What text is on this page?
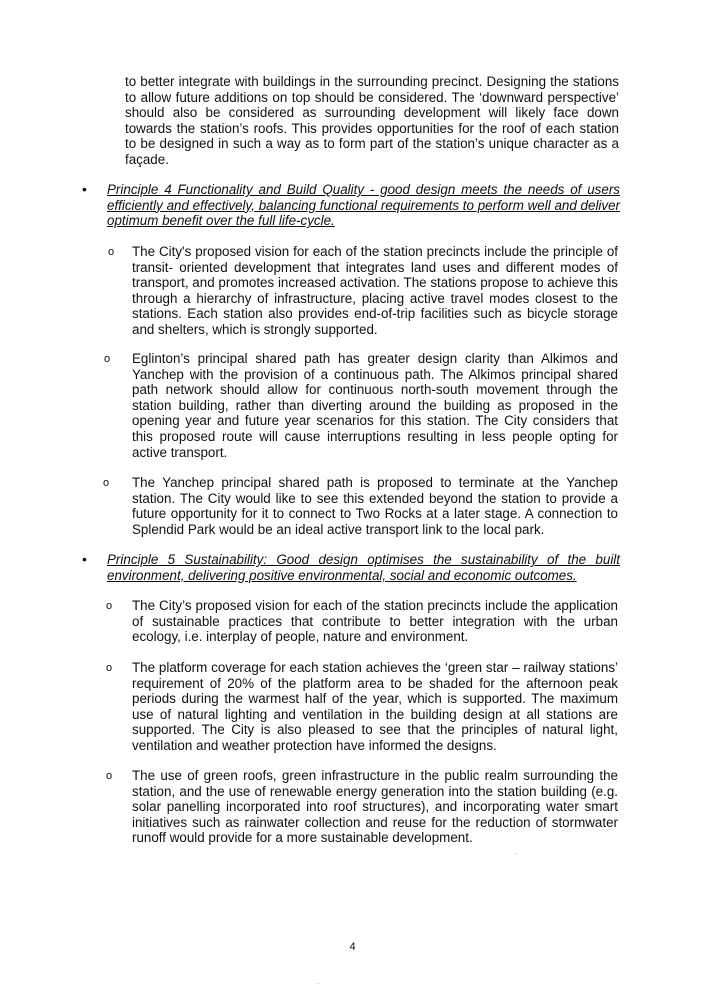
to better integrate with buildings in the surrounding precinct. Designing the stations to allow future additions on top should be considered. The ‘downward perspective’ should also be considered as surrounding development will likely face down towards the station’s roofs. This provides opportunities for the roof of each station to be designed in such a way as to form part of the station’s unique character as a façade.

• Principle 4 Functionality and Build Quality - good design meets the needs of users efficiently and effectively, balancing functional requirements to perform well and deliver optimum benefit over the full life-cycle.

o The City's proposed vision for each of the station precincts include the principle of transit- oriented development that integrates land uses and different modes of transport, and promotes increased activation. The stations propose to achieve this through a hierarchy of infrastructure, placing active travel modes closest to the stations. Each station also provides end-of-trip facilities such as bicycle storage and shelters, which is strongly supported.

o Eglinton’s principal shared path has greater design clarity than Alkimos and Yanchep with the provision of a continuous path. The Alkimos principal shared path network should allow for continuous north-south movement through the station building, rather than diverting around the building as proposed in the opening year and future year scenarios for this station. The City considers that this proposed route will cause interruptions resulting in less people opting for active transport.

o The Yanchep principal shared path is proposed to terminate at the Yanchep station. The City would like to see this extended beyond the station to provide a future opportunity for it to connect to Two Rocks at a later stage. A connection to Splendid Park would be an ideal active transport link to the local park.

• Principle 5 Sustainability: Good design optimises the sustainability of the built environment, delivering positive environmental, social and economic outcomes.

o The City’s proposed vision for each of the station precincts include the application of sustainable practices that contribute to better integration with the urban ecology, i.e. interplay of people, nature and environment.

o The platform coverage for each station achieves the ‘green star – railway stations’ requirement of 20% of the platform area to be shaded for the afternoon peak periods during the warmest half of the year, which is supported. The maximum use of natural lighting and ventilation in the building design at all stations are supported. The City is also pleased to see that the principles of natural light, ventilation and weather protection have informed the designs.

o The use of green roofs, green infrastructure in the public realm surrounding the station, and the use of renewable energy generation into the station building (e.g. solar panelling incorporated into roof structures), and incorporating water smart initiatives such as rainwater collection and reuse for the reduction of stormwater runoff would provide for a more sustainable development.

4
